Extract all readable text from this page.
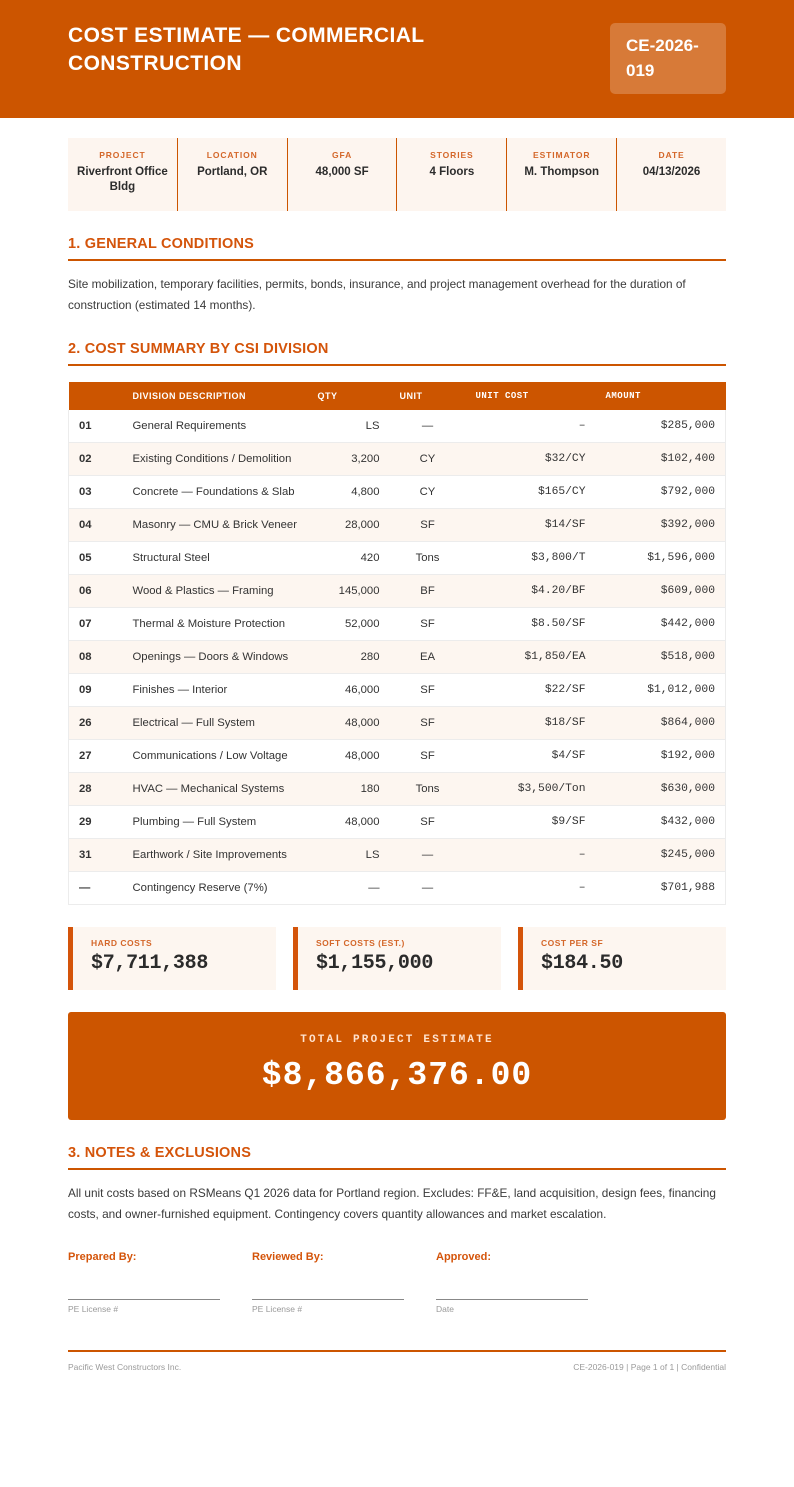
COST ESTIMATE — COMMERCIAL CONSTRUCTION
CE-2026-019
PROJECT
Riverfront Office Bldg
LOCATION
Portland, OR
GFA
48,000 SF
STORIES
4 Floors
ESTIMATOR
M. Thompson
DATE
04/13/2026
1. GENERAL CONDITIONS
Site mobilization, temporary facilities, permits, bonds, insurance, and project management overhead for the duration of construction (estimated 14 months).
2. COST SUMMARY BY CSI DIVISION
	DIVISION DESCRIPTION	QTY	UNIT	UNIT COST	AMOUNT
01	General Requirements	LS	—	–	$285,000
02	Existing Conditions / Demolition	3,200	CY	$32/CY	$102,400
03	Concrete — Foundations & Slab	4,800	CY	$165/CY	$792,000
04	Masonry — CMU & Brick Veneer	28,000	SF	$14/SF	$392,000
05	Structural Steel	420	Tons	$3,800/T	$1,596,000
06	Wood & Plastics — Framing	145,000	BF	$4.20/BF	$609,000
07	Thermal & Moisture Protection	52,000	SF	$8.50/SF	$442,000
08	Openings — Doors & Windows	280	EA	$1,850/EA	$518,000
09	Finishes — Interior	46,000	SF	$22/SF	$1,012,000
26	Electrical — Full System	48,000	SF	$18/SF	$864,000
27	Communications / Low Voltage	48,000	SF	$4/SF	$192,000
28	HVAC — Mechanical Systems	180	Tons	$3,500/Ton	$630,000
29	Plumbing — Full System	48,000	SF	$9/SF	$432,000
31	Earthwork / Site Improvements	LS	—	–	$245,000
—	Contingency Reserve (7%)	—	—	–	$701,988
HARD COSTS
$7,711,388
SOFT COSTS (EST.)
$1,155,000
COST PER SF
$184.50
TOTAL PROJECT ESTIMATE
$8,866,376.00
3. NOTES & EXCLUSIONS
All unit costs based on RSMeans Q1 2026 data for Portland region. Excludes: FF&E, land acquisition, design fees, financing costs, and owner-furnished equipment. Contingency covers quantity allowances and market escalation.
Prepared By:
PE License #
Reviewed By:
PE License #
Approved:
Date
Pacific West Constructors Inc.	CE-2026-019 | Page 1 of 1 | Confidential
